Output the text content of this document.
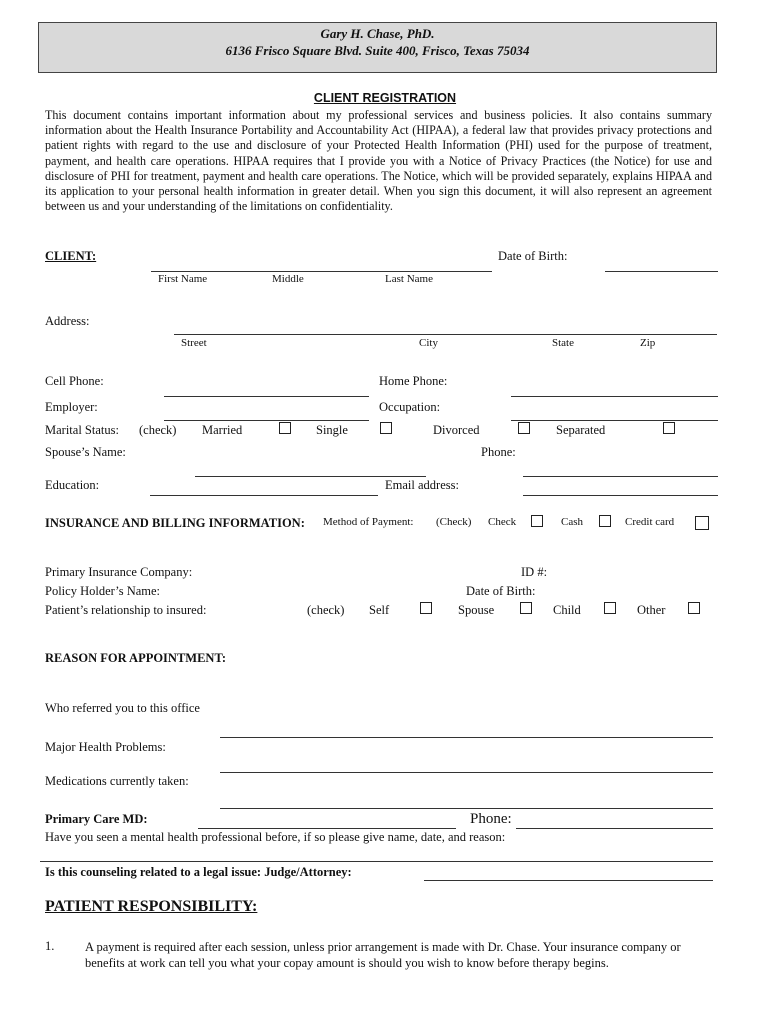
Gary H. Chase, PhD.
6136 Frisco Square Blvd. Suite 400, Frisco, Texas 75034
CLIENT REGISTRATION
This document contains important information about my professional services and business policies. It also contains summary information about the Health Insurance Portability and Accountability Act (HIPAA), a federal law that provides privacy protections and patient rights with regard to the use and disclosure of your Protected Health Information (PHI) used for the purpose of treatment, payment, and health care operations. HIPAA requires that I provide you with a Notice of Privacy Practices (the Notice) for use and disclosure of PHI for treatment, payment and health care operations. The Notice, which will be provided separately, explains HIPAA and its application to your personal health information in greater detail. When you sign this document, it will also represent an agreement between us and your understanding of the limitations on confidentiality.
CLIENT:	Date of Birth:
First Name	Middle	Last Name
Address:
Street	City	State	Zip
Cell Phone:	Home Phone:
Employer:	Occupation:
Marital Status: (check) Married	Single	Divorced	Separated
Spouse’s Name:	Phone:
Education:	Email address:
INSURANCE AND BILLING INFORMATION: Method of Payment: (Check) Check	Cash	Credit card
Primary Insurance Company:	ID #:
Policy Holder’s Name:	Date of Birth:
Patient’s relationship to insured:	(check) Self	Spouse	Child	Other
REASON FOR APPOINTMENT:
Who referred you to this office
Major Health Problems:
Medications currently taken:
Primary Care MD:	Phone:
Have you seen a mental health professional before, if so please give name, date, and reason:
Is this counseling related to a legal issue: Judge/Attorney:
PATIENT RESPONSIBILITY:
1. A payment is required after each session, unless prior arrangement is made with Dr. Chase. Your insurance company or benefits at work can tell you what your copay amount is should you wish to know before therapy begins.
